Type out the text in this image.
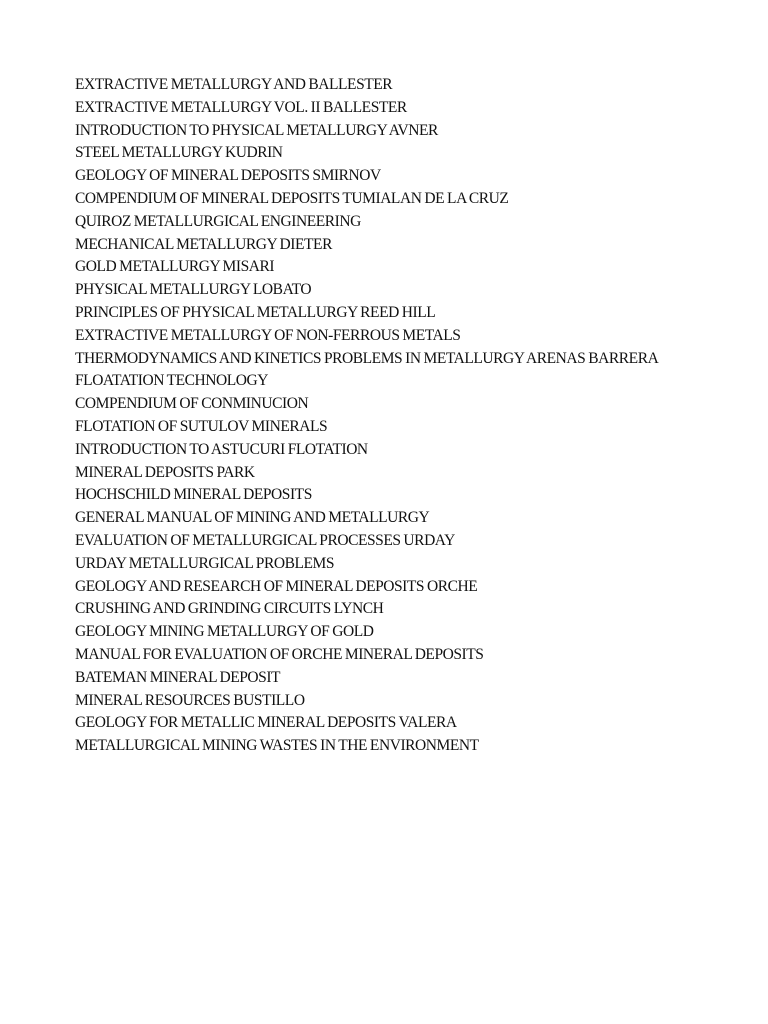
EXTRACTIVE METALLURGY AND BALLESTER
EXTRACTIVE METALLURGY VOL. II BALLESTER
INTRODUCTION TO PHYSICAL METALLURGY AVNER
STEEL METALLURGY KUDRIN
GEOLOGY OF MINERAL DEPOSITS SMIRNOV
COMPENDIUM OF MINERAL DEPOSITS TUMIALAN DE LA CRUZ
QUIROZ METALLURGICAL ENGINEERING
MECHANICAL METALLURGY DIETER
GOLD METALLURGY MISARI
PHYSICAL METALLURGY LOBATO
PRINCIPLES OF PHYSICAL METALLURGY REED HILL
EXTRACTIVE METALLURGY OF NON-FERROUS METALS
THERMODYNAMICS AND KINETICS PROBLEMS IN METALLURGY ARENAS BARRERA
FLOATATION TECHNOLOGY
COMPENDIUM OF CONMINUCION
FLOTATION OF SUTULOV MINERALS
INTRODUCTION TO ASTUCURI FLOTATION
MINERAL DEPOSITS PARK
HOCHSCHILD MINERAL DEPOSITS
GENERAL MANUAL OF MINING AND METALLURGY
EVALUATION OF METALLURGICAL PROCESSES URDAY
URDAY METALLURGICAL PROBLEMS
GEOLOGY AND RESEARCH OF MINERAL DEPOSITS ORCHE
CRUSHING AND GRINDING CIRCUITS LYNCH
GEOLOGY MINING METALLURGY OF GOLD
MANUAL FOR EVALUATION OF ORCHE MINERAL DEPOSITS
BATEMAN MINERAL DEPOSIT
MINERAL RESOURCES BUSTILLO
GEOLOGY FOR METALLIC MINERAL DEPOSITS VALERA
METALLURGICAL MINING WASTES IN THE ENVIRONMENT
